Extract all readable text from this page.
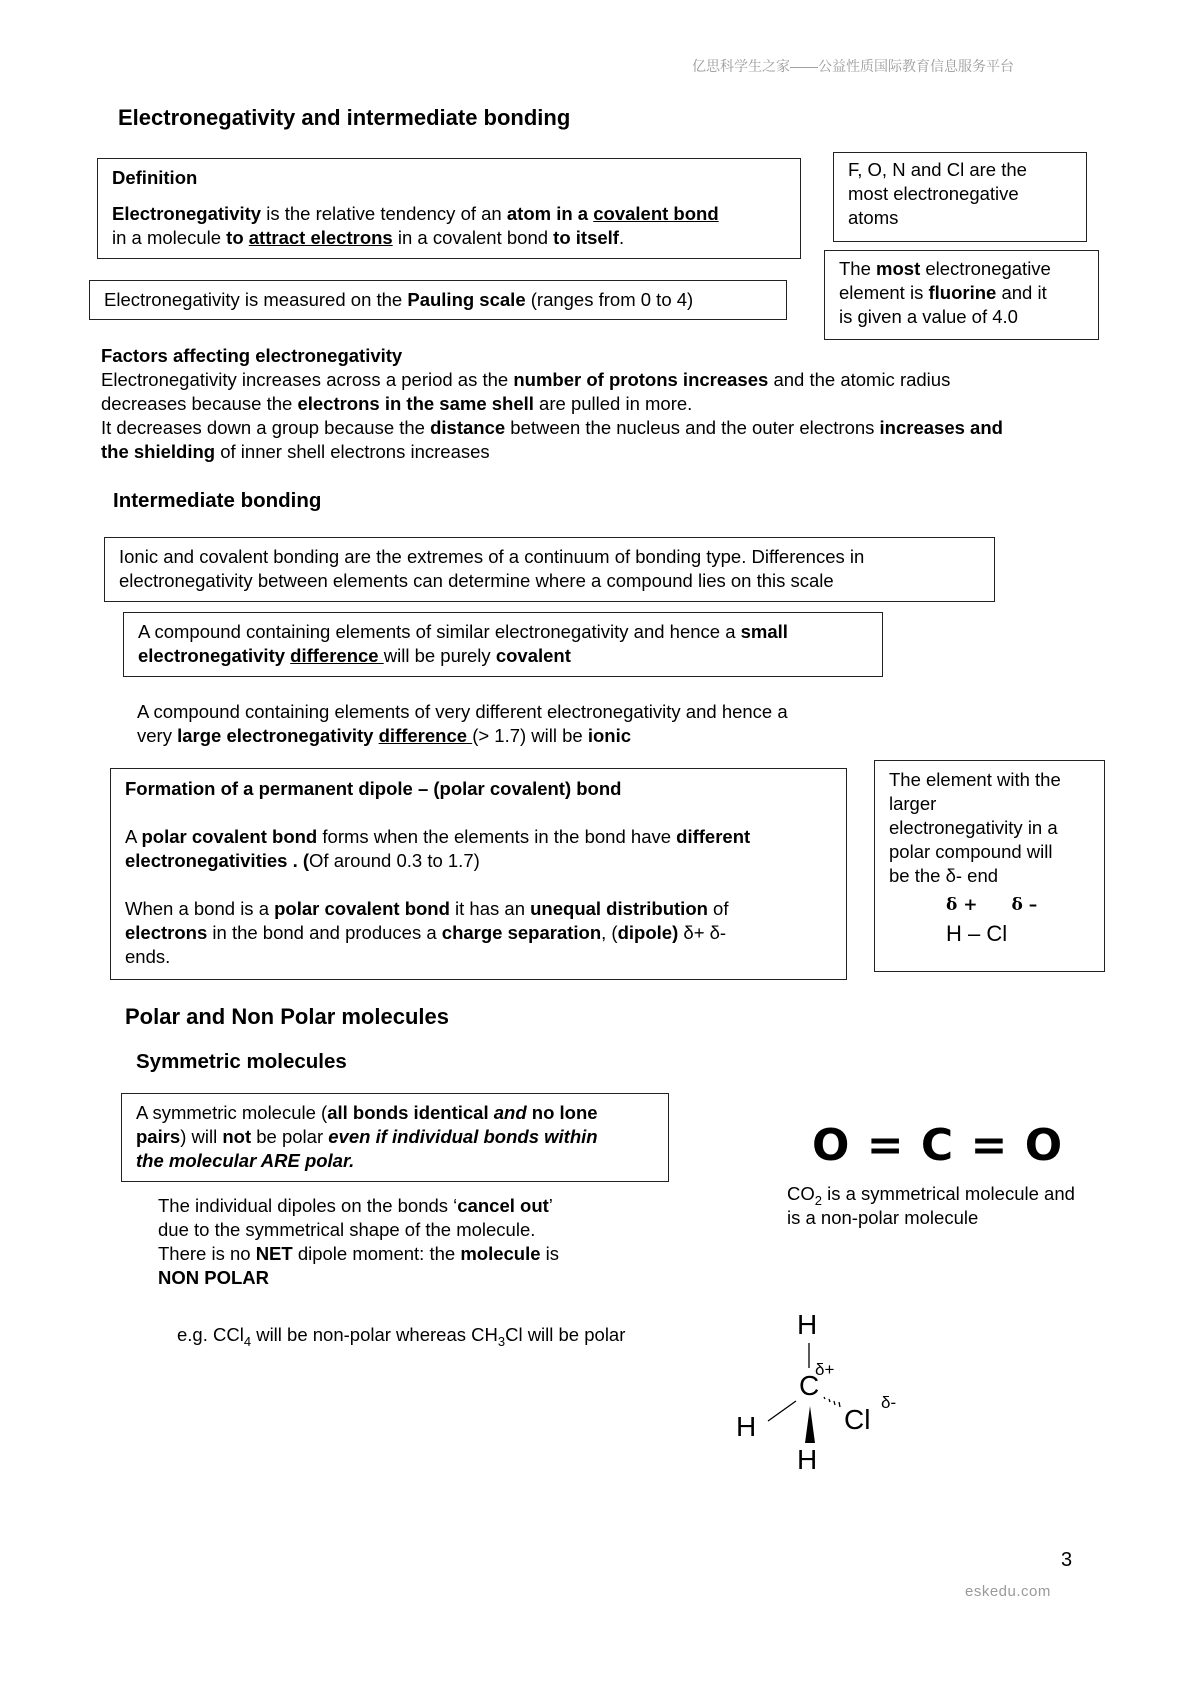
亿思科学生之家——公益性质国际教育信息服务平台
Electronegativity and intermediate bonding

Definition

Electronegativity is the relative tendency of an atom in a covalent bond

in a molecule to attract electrons in a covalent bond to itself.

F, O, N and Cl are the

most electronegative

atoms

The most electronegative

element is fluorine and it

is given a value of 4.0

Electronegativity is measured on the Pauling scale (ranges from 0 to 4)

Factors affecting electronegativity

Electronegativity increases across a period as the number of protons increases and the atomic radius

decreases because the electrons in the same shell are pulled in more.

It decreases down a group because the distance between the nucleus and the outer electrons increases and

the shielding of inner shell electrons increases

Intermediate bonding

Ionic and covalent bonding are the extremes of a continuum of bonding type. Differences in

electronegativity between elements can determine where a compound lies on this scale

A compound containing elements of similar electronegativity and hence a small

electronegativity difference will be purely covalent

A compound containing elements of very different electronegativity and hence a

very large electronegativity difference (> 1.7) will be ionic

Formation of a permanent dipole – (polar covalent) bond

A polar covalent bond forms when the elements in the bond have different

electronegativities . (Of around 0.3 to 1.7)

When a bond is a polar covalent bond it has an unequal distribution of

electrons in the bond and produces a charge separation, (dipole) δ+ δ-

ends.

The element with the

larger

electronegativity in a

polar compound will

be the δ- end

δ + δ –
H – Cl
Polar and Non Polar molecules
Symmetric molecules

A symmetric molecule (all bonds identical and no lone

pairs) will not be polar even if individual bonds within

the molecular ARE polar.

The individual dipoles on the bonds ‘cancel out’

due to the symmetrical shape of the molecule.

There is no NET dipole moment: the molecule is

NON POLAR

e.g. CCl$_4$ will be non-polar whereas $CH_3Cl$ will be polar
O = C = O

$CO_2$ is a symmetrical molecule and

is a non-polar molecule

H
δ+
C
H	Cl
δ-
H
3
eskedu.com
